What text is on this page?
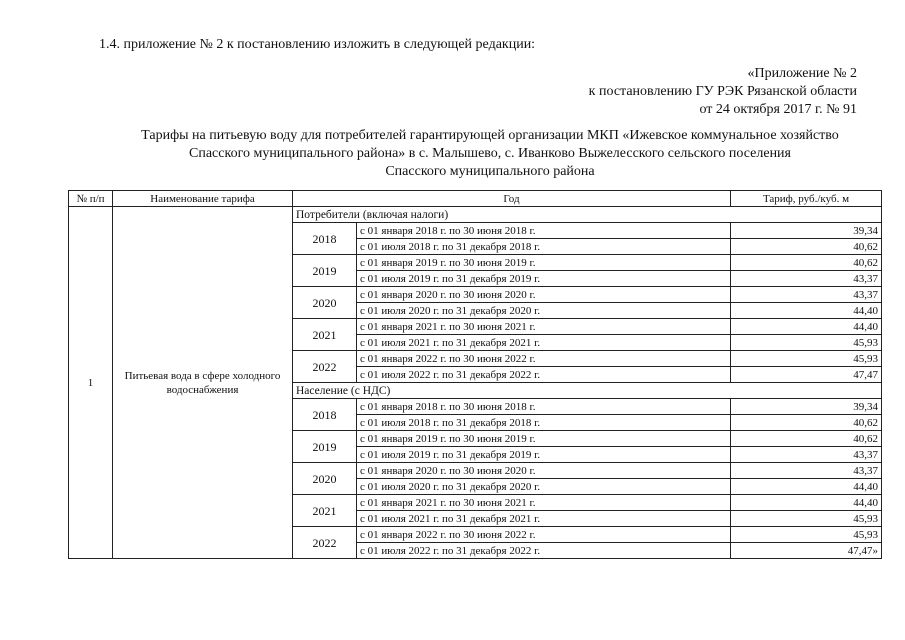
1.4. приложение № 2 к постановлению изложить в следующей редакции:
«Приложение № 2
к постановлению ГУ РЭК Рязанской области
от 24 октября 2017 г. № 91
Тарифы на питьевую воду для потребителей гарантирующей организации МКП «Ижевское коммунальное хозяйство
Спасского муниципального района» в с. Малышево, с. Иванково Выжелесского сельского поселения
Спасского муниципального района
№ п/п	Наименование тарифа	Год		Тариф, руб./куб. м
1	Питьевая вода в сфере холодного водоснабжения	Потребители (включая налоги)		
		2018	с 01 января 2018 г. по 30 июня 2018 г.	39,34
			с 01 июля 2018 г. по 31 декабря 2018 г.	40,62
		2019	с 01 января 2019 г. по 30 июня 2019 г.	40,62
			с 01 июля 2019 г. по 31 декабря 2019 г.	43,37
		2020	с 01 января 2020 г. по 30 июня 2020 г.	43,37
			с 01 июля 2020 г. по 31 декабря 2020 г.	44,40
		2021	с 01 января 2021 г. по 30 июня 2021 г.	44,40
			с 01 июля 2021 г. по 31 декабря 2021 г.	45,93
		2022	с 01 января 2022 г. по 30 июня 2022 г.	45,93
			с 01 июля 2022 г. по 31 декабря 2022 г.	47,47
		Население (с НДС)		
		2018	с 01 января 2018 г. по 30 июня 2018 г.	39,34
			с 01 июля 2018 г. по 31 декабря 2018 г.	40,62
		2019	с 01 января 2019 г. по 30 июня 2019 г.	40,62
			с 01 июля 2019 г. по 31 декабря 2019 г.	43,37
		2020	с 01 января 2020 г. по 30 июня 2020 г.	43,37
			с 01 июля 2020 г. по 31 декабря 2020 г.	44,40
		2021	с 01 января 2021 г. по 30 июня 2021 г.	44,40
			с 01 июля 2021 г. по 31 декабря 2021 г.	45,93
		2022	с 01 января 2022 г. по 30 июня 2022 г.	45,93
			с 01 июля 2022 г. по 31 декабря 2022 г.	47,47»
